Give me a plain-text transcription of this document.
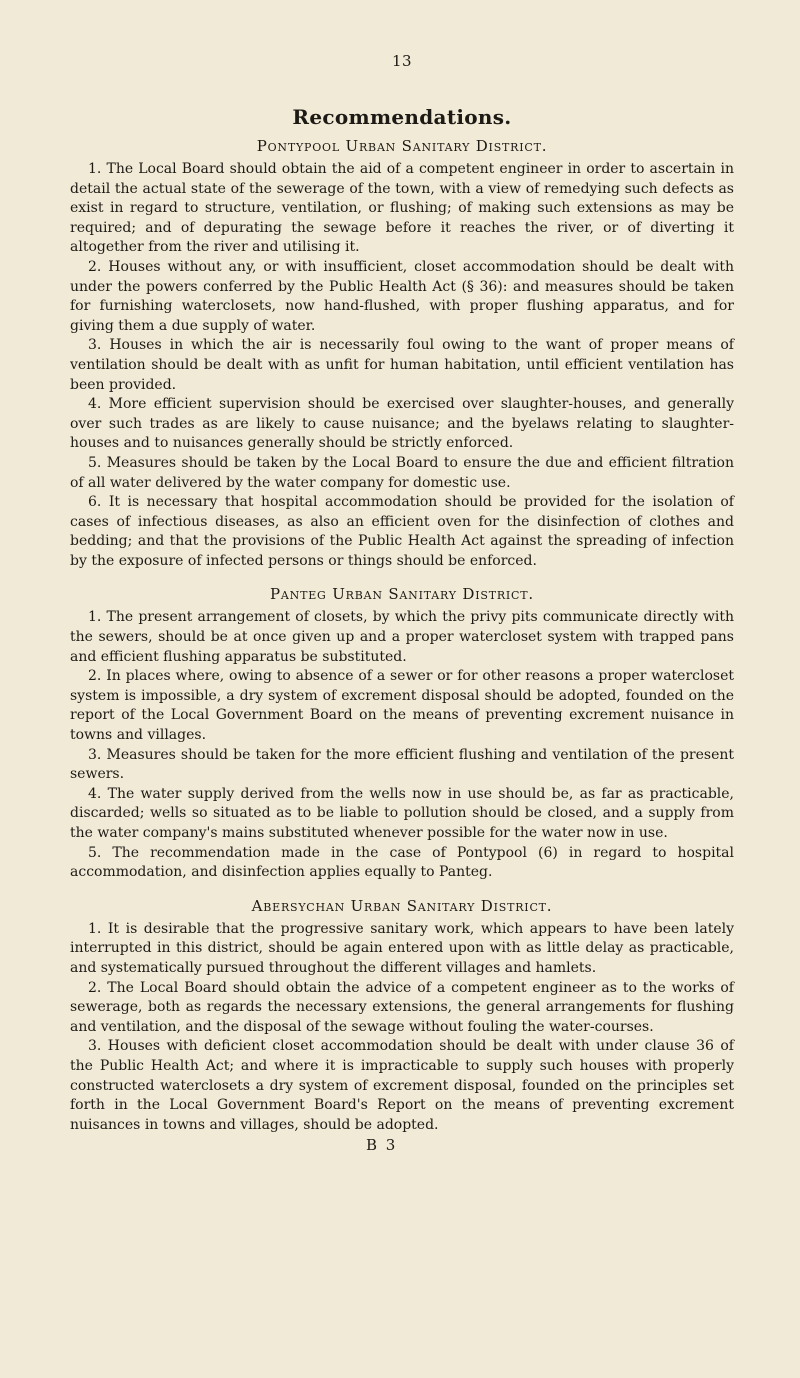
13
Recommendations.
Pontypool Urban Sanitary District.

1. The Local Board should obtain the aid of a competent engineer in order to ascertain in detail the actual state of the sewerage of the town, with a view of remedying such defects as exist in regard to structure, ventilation, or flushing; of making such extensions as may be required; and of depurating the sewage before it reaches the river, or of diverting it altogether from the river and utilising it.

2. Houses without any, or with insufficient, closet accommodation should be dealt with under the powers conferred by the Public Health Act (§ 36): and measures should be taken for furnishing waterclosets, now hand-flushed, with proper flushing apparatus, and for giving them a due supply of water.

3. Houses in which the air is necessarily foul owing to the want of proper means of ventilation should be dealt with as unfit for human habitation, until efficient ventilation has been provided.

4. More efficient supervision should be exercised over slaughter-houses, and generally over such trades as are likely to cause nuisance; and the byelaws relating to slaughter-houses and to nuisances generally should be strictly enforced.

5. Measures should be taken by the Local Board to ensure the due and efficient filtration of all water delivered by the water company for domestic use.

6. It is necessary that hospital accommodation should be provided for the isolation of cases of infectious diseases, as also an efficient oven for the disinfection of clothes and bedding; and that the provisions of the Public Health Act against the spreading of infection by the exposure of infected persons or things should be enforced.

Panteg Urban Sanitary District.

1. The present arrangement of closets, by which the privy pits communicate directly with the sewers, should be at once given up and a proper watercloset system with trapped pans and efficient flushing apparatus be substituted.

2. In places where, owing to absence of a sewer or for other reasons a proper watercloset system is impossible, a dry system of excrement disposal should be adopted, founded on the report of the Local Government Board on the means of preventing excrement nuisance in towns and villages.

3. Measures should be taken for the more efficient flushing and ventilation of the present sewers.

4. The water supply derived from the wells now in use should be, as far as practicable, discarded; wells so situated as to be liable to pollution should be closed, and a supply from the water company's mains substituted whenever possible for the water now in use.

5. The recommendation made in the case of Pontypool (6) in regard to hospital accommodation, and disinfection applies equally to Panteg.

Abersychan Urban Sanitary District.

1. It is desirable that the progressive sanitary work, which appears to have been lately interrupted in this district, should be again entered upon with as little delay as practicable, and systematically pursued throughout the different villages and hamlets.

2. The Local Board should obtain the advice of a competent engineer as to the works of sewerage, both as regards the necessary extensions, the general arrangements for flushing and ventilation, and the disposal of the sewage without fouling the water-courses.

3. Houses with deficient closet accommodation should be dealt with under clause 36 of the Public Health Act; and where it is impracticable to supply such houses with properly constructed waterclosets a dry system of excrement disposal, founded on the principles set forth in the Local Government Board's Report on the means of preventing excrement nuisances in towns and villages, should be adopted.

B 3
